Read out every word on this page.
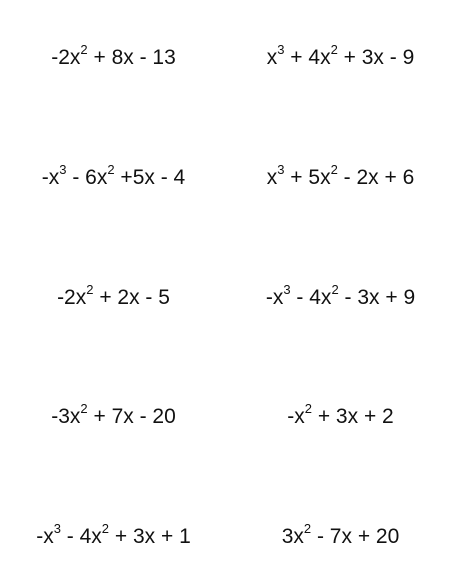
$-2x^2 + 8x - 13$	$x^3 + 4x^2 + 3x - 9$
$-x^3 - 6x^2 +5x - 4$	$x^3 + 5x^2 - 2x + 6$
$-2x^2 + 2x - 5$	$-x^3 - 4x^2 - 3x + 9$
$-3x^2 + 7x - 20$	$-x^2 + 3x + 2$
$-x^3 - 4x^2 + 3x + 1$	$3x^2 - 7x + 20$
